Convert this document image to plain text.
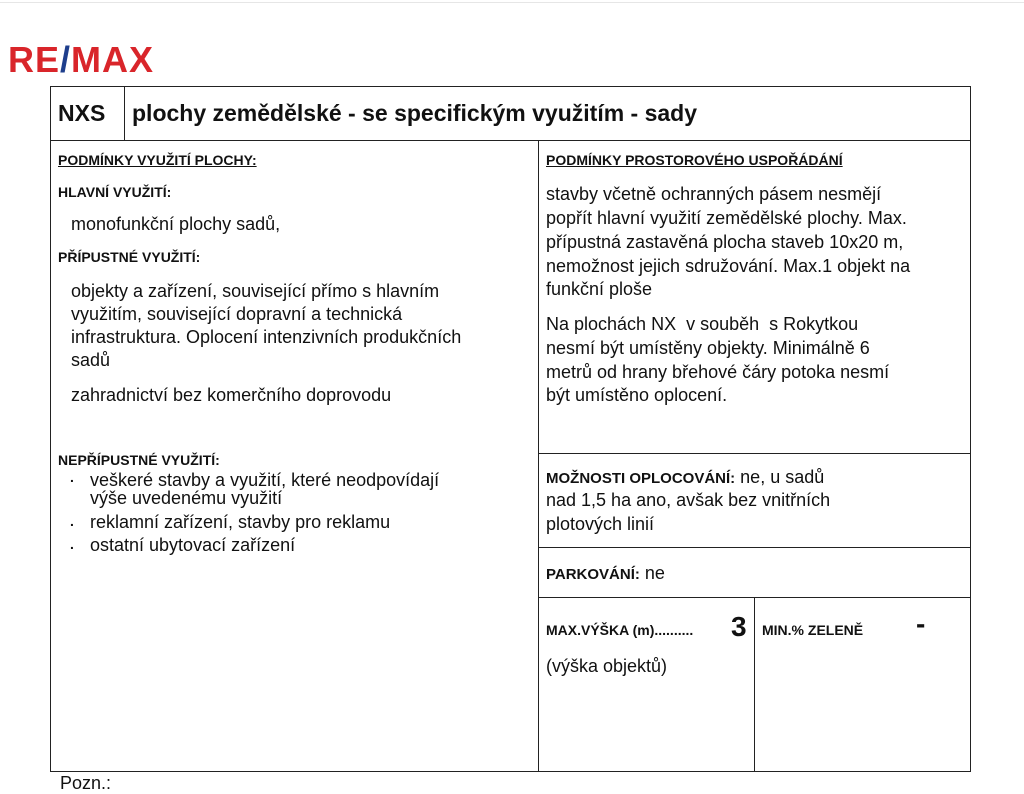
RE/MAX
NXS plochy zemědělské - se specifickým využitím - sady
PODMÍNKY VYUŽITÍ PLOCHY:
HLAVNÍ VYUŽITÍ:
monofunkční plochy sadů,
PŘÍPUSTNÉ VYUŽITÍ:
objekty a zařízení, související přímo s hlavním
využitím, související dopravní a technická
infrastruktura. Oplocení intenzivních produkčních
sadů
zahradnictví bez komerčního doprovodu
NEPŘÍPUSTNÉ VYUŽITÍ:
. veškeré stavby a využití, které neodpovídají
výše uvedenému využití
. reklamní zařízení, stavby pro reklamu
. ostatní ubytovací zařízení
PODMÍNKY PROSTOROVÉHO USPOŘÁDÁNÍ
stavby včetně ochranných pásem nesmějí
popřít hlavní využití zemědělské plochy. Max.
přípustná zastavěná plocha staveb 10x20 m,
nemožnost jejich sdružování. Max.1 objekt na
funkční ploše
Na plochách NX  v souběh  s Rokytkou
nesmí být umístěny objekty. Minimálně 6
metrů od hrany břehové čáry potoka nesmí
být umístěno oplocení.
MOŽNOSTI OPLOCOVÁNÍ: ne, u sadů
nad 1,5 ha ano, avšak bez vnitřních
plotových linií
PARKOVÁNÍ: ne
MAX.VÝŠKA (m).......... 3
(výška objektů)
MIN.% ZELENĚ -
Pozn.:
